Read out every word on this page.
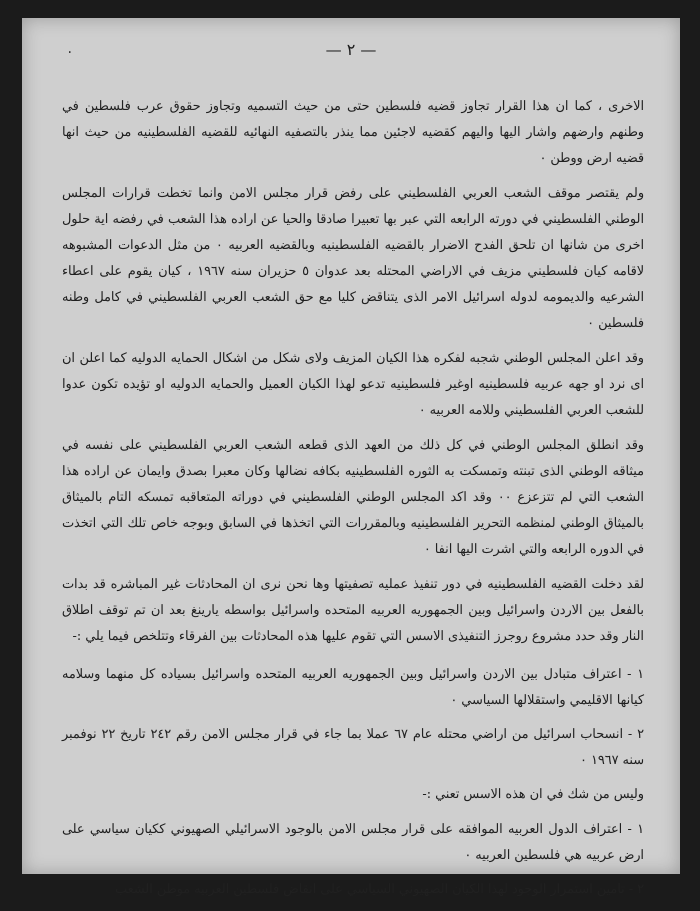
٠	— ٢ —

الاخرى ، كما ان هذا القرار تجاوز قضيه فلسطين حتى من حيث التسميه وتجاوز حقوق عرب فلسطين في وطنهم وارضهم واشار اليها واليهم كقضيه لاجئين مما ينذر بالتصفيه النهائيه للقضيه الفلسطينيه من حيث انها قضيه ارض ووطن ٠

ولم يقتصر موقف الشعب العربي الفلسطيني على رفض قرار مجلس الامن وانما تخطت قرارات المجلس الوطني الفلسطيني في دورته الرابعه التي عبر بها تعبيرا صادقا والحيا عن اراده هذا الشعب في رفضه اية حلول اخرى من شانها ان تلحق الفدح الاضرار بالقضيه الفلسطينيه وبالقضيه العربيه ٠ من مثل الدعوات المشبوهه لاقامه كيان فلسطيني مزيف في الاراضي المحتله بعد عدوان ٥ حزيران سنه ١٩٦٧ ، كيان يقوم على اعطاء الشرعيه والديمومه لدوله اسرائيل الامر الذى يتناقض كليا مع حق الشعب العربي الفلسطيني في كامل وطنه فلسطين ٠

وقد اعلن المجلس الوطني شجبه لفكره هذا الكيان المزيف ولاى شكل من اشكال الحمايه الدوليه كما اعلن ان اى نرد او جهه عربيه فلسطينيه اوغير فلسطينيه تدعو لهذا الكيان العميل والحمايه الدوليه او تؤيده تكون عدوا للشعب العربي الفلسطيني وللامه العربيه ٠

وقد انطلق المجلس الوطني في كل ذلك من العهد الذى قطعه الشعب العربي الفلسطيني على نفسه في ميثاقه الوطني الذى تبنته وتمسكت به الثوره الفلسطينيه بكافه نضالها وكان معبرا بصدق وايمان عن اراده هذا الشعب التي لم تتزعزع ٠٠ وقد اكد المجلس الوطني الفلسطيني في دوراته المتعاقبه تمسكه التام بالميثاق بالميثاق الوطني لمنظمه التحرير الفلسطينيه وبالمقررات التي اتخذها في السابق وبوجه خاص تلك التي اتخذت في الدوره الرابعه والتي اشرت اليها انفا ٠

لقد دخلت القضيه الفلسطينيه في دور تنفيذ عمليه تصفيتها وها نحن نرى ان المحادثات غير المباشره قد بدات بالفعل بين الاردن واسرائيل وبين الجمهوريه العربيه المتحده واسرائيل بواسطه يارينغ بعد ان تم توقف اطلاق النار وقد حدد مشروع روجرز التنفيذى الاسس التي تقوم عليها هذه المحادثات بين الفرقاء وتتلخص فيما يلي :-

١ - اعتراف متبادل بين الاردن واسرائيل وبين الجمهوريه العربيه المتحده واسرائيل بسياده كل منهما وسلامه كيانها الاقليمي واستقلالها السياسي ٠

٢ - انسحاب اسرائيل من اراضي محتله عام ٦٧ عملا بما جاء في قرار مجلس الامن رقم ٢٤٢ تاريخ ٢٢ نوفمبر سنه ١٩٦٧ ٠

وليس من شك في ان هذه الاسس تعني :-

١ - اعتراف الدول العربيه الموافقه على قرار مجلس الامن بالوجود الاسرائيلي الصهيوني ككيان سياسي على ارض عربيه هي فلسطين العربيه ٠

٢ - تامين استمرار الوجود لهذا الكيان الصهيوني السياسي على انقاض فلسطين العربيه موطن الشعب
